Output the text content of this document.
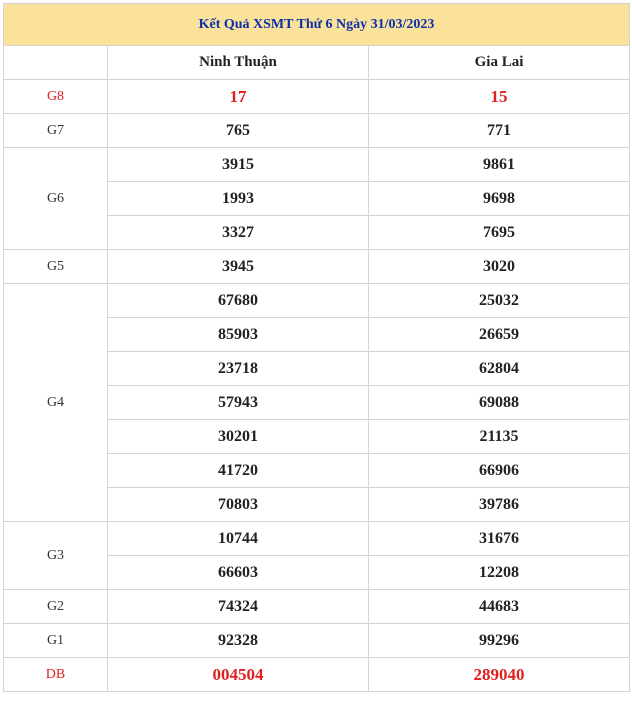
Kết Quả XSMT Thứ 6 Ngày 31/03/2023		
	Ninh Thuận	Gia Lai
G8	17	15
G7	765	771
G6	3915	9861
	1993	9698
	3327	7695
G5	3945	3020
G4	67680	25032
	85903	26659
	23718	62804
	57943	69088
	30201	21135
	41720	66906
	70803	39786
G3	10744	31676
	66603	12208
G2	74324	44683
G1	92328	99296
DB	004504	289040
